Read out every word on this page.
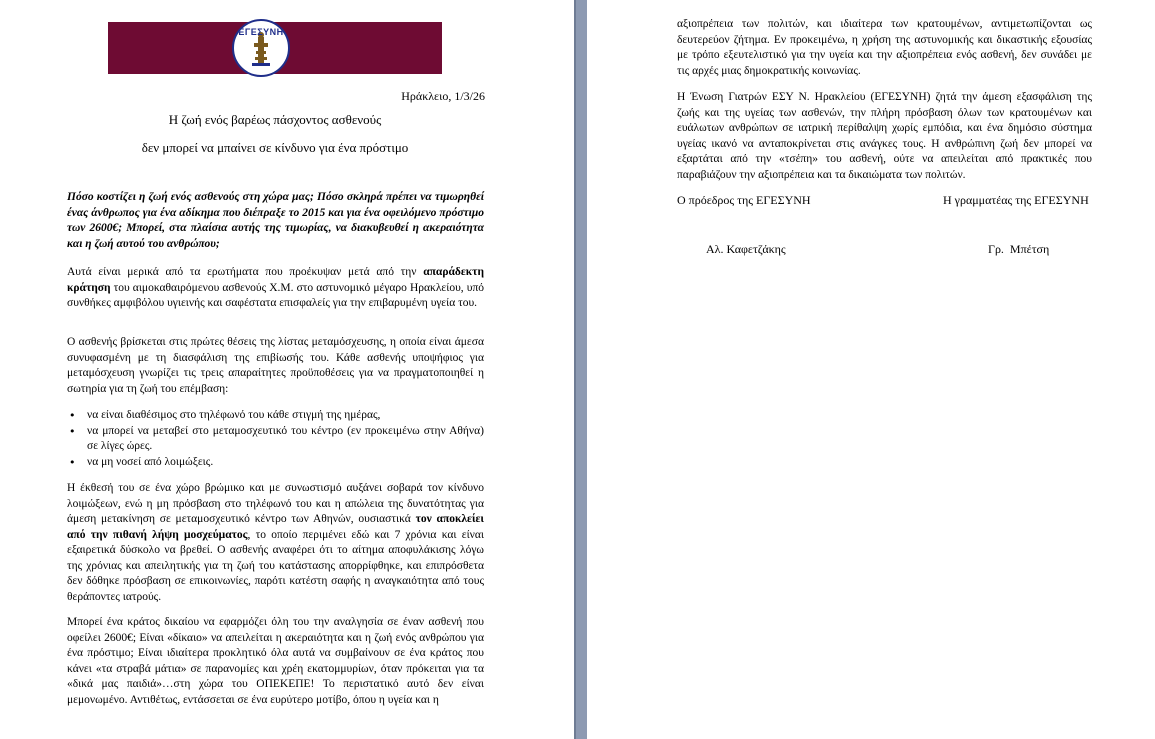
ΕΓΕΣΥΝΗ
Ηράκλειο, 1/3/26
Η ζωή ενός βαρέως πάσχοντος ασθενούς
δεν μπορεί να μπαίνει σε κίνδυνο για ένα πρόστιμο
Πόσο κοστίζει η ζωή ενός ασθενούς στη χώρα μας; Πόσο σκληρά πρέπει να τιμωρηθεί ένας άνθρωπος για ένα αδίκημα που διέπραξε το 2015 και για ένα οφειλόμενο πρόστιμο των 2600€; Μπορεί, στα πλαίσια αυτής της τιμωρίας, να διακυβευθεί η ακεραιότητα και η ζωή αυτού του ανθρώπου;
Αυτά είναι μερικά από τα ερωτήματα που προέκυψαν μετά από την απαράδεκτη κράτηση του αιμοκαθαιρόμενου ασθενούς Χ.Μ. στο αστυνομικό μέγαρο Ηρακλείου, υπό συνθήκες αμφιβόλου υγιεινής και σαφέστατα επισφαλείς για την επιβαρυμένη υγεία του.
Ο ασθενής βρίσκεται στις πρώτες θέσεις της λίστας μεταμόσχευσης, η οποία είναι άμεσα συνυφασμένη με τη διασφάλιση της επιβίωσής του. Κάθε ασθενής υποψήφιος για μεταμόσχευση γνωρίζει τις τρεις απαραίτητες προϋποθέσεις για να πραγματοποιηθεί η σωτηρία για τη ζωή του επέμβαση:
• να είναι διαθέσιμος στο τηλέφωνό του κάθε στιγμή της ημέρας,
• να μπορεί να μεταβεί στο μεταμοσχευτικό του κέντρο (εν προκειμένω στην Αθήνα) σε λίγες ώρες.
• να μη νοσεί από λοιμώξεις.
Η έκθεσή του σε ένα χώρο βρώμικο και με συνωστισμό αυξάνει σοβαρά τον κίνδυνο λοιμώξεων, ενώ η μη πρόσβαση στο τηλέφωνό του και η απώλεια της δυνατότητας για άμεση μετακίνηση σε μεταμοσχευτικό κέντρο των Αθηνών, ουσιαστικά τον αποκλείει από την πιθανή λήψη μοσχεύματος, το οποίο περιμένει εδώ και 7 χρόνια και είναι εξαιρετικά δύσκολο να βρεθεί. Ο ασθενής αναφέρει ότι το αίτημα αποφυλάκισης λόγω της χρόνιας και απειλητικής για τη ζωή του κατάστασης απορρίφθηκε, και επιπρόσθετα δεν δόθηκε πρόσβαση σε επικοινωνίες, παρότι κατέστη σαφής η αναγκαιότητα από τους θεράποντες ιατρούς.
Μπορεί ένα κράτος δικαίου να εφαρμόζει όλη του την αναλγησία σε έναν ασθενή που οφείλει 2600€; Είναι «δίκαιο» να απειλείται η ακεραιότητα και η ζωή ενός ανθρώπου για ένα πρόστιμο; Είναι ιδιαίτερα προκλητικό όλα αυτά να συμβαίνουν σε ένα κράτος που κάνει «τα στραβά μάτια» σε παρανομίες και χρέη εκατομμυρίων, όταν πρόκειται για τα «δικά μας παιδιά»…στη χώρα του ΟΠΕΚΕΠΕ! Το περιστατικό αυτό δεν είναι μεμονωμένο. Αντιθέτως, εντάσσεται σε ένα ευρύτερο μοτίβο, όπου η υγεία και η
αξιοπρέπεια των πολιτών, και ιδιαίτερα των κρατουμένων, αντιμετωπίζονται ως δευτερεύον ζήτημα. Εν προκειμένω, η χρήση της αστυνομικής και δικαστικής εξουσίας με τρόπο εξευτελιστικό για την υγεία και την αξιοπρέπεια ενός ασθενή, δεν συνάδει με τις αρχές μιας δημοκρατικής κοινωνίας.
Η Ένωση Γιατρών ΕΣΥ Ν. Ηρακλείου (ΕΓΕΣΥΝΗ) ζητά την άμεση εξασφάλιση της ζωής και της υγείας των ασθενών, την πλήρη πρόσβαση όλων των κρατουμένων και ευάλωτων ανθρώπων σε ιατρική περίθαλψη χωρίς εμπόδια, και ένα δημόσιο σύστημα υγείας ικανό να ανταποκρίνεται στις ανάγκες τους. Η ανθρώπινη ζωή δεν μπορεί να εξαρτάται από την «τσέπη» του ασθενή, ούτε να απειλείται από πρακτικές που παραβιάζουν την αξιοπρέπεια και τα δικαιώματα των πολιτών.
Ο πρόεδρος της ΕΓΕΣΥΝΗ	Η γραμματέας της ΕΓΕΣΥΝΗ
Αλ. Καφετζάκης	Γρ.  Μπέτση
